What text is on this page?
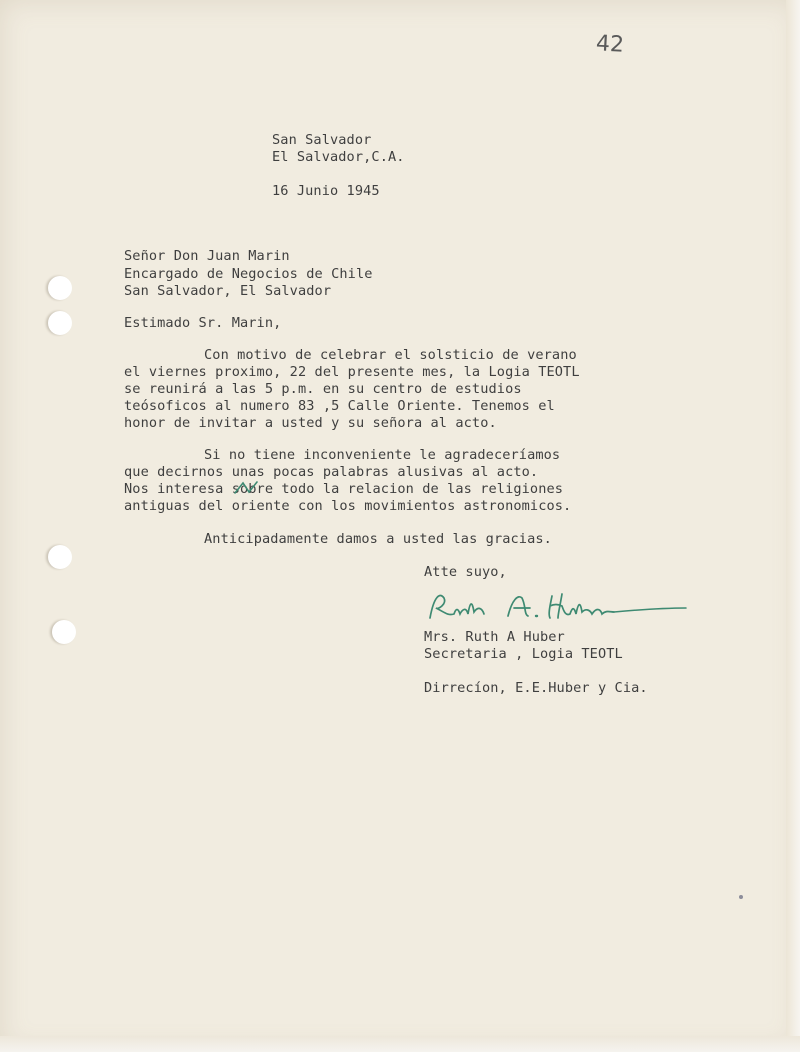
42
San Salvador
El Salvador,C.A.
16 Junio 1945
Señor Don Juan Marin
Encargado de Negocios de Chile
San Salvador, El Salvador
Estimado Sr. Marin,
Con motivo de celebrar el solsticio de verano
el viernes proximo, 22 del presente mes, la Logia TEOTL
se reunirá a las 5 p.m. en su centro de estudios
teósoficos al numero 83 ,5 Calle Oriente. Tenemos el
honor de invitar a usted y su señora al acto.
Si no tiene inconveniente le agradeceríamos
que decirnos unas pocas palabras alusivas al acto.
Nos interesa sobre todo la relacion de las religiones
antiguas del oriente con los movimientos astronomicos.
Anticipadamente damos a usted las gracias.
Atte suyo,
Ruth A. Huber
Mrs. Ruth A Huber
Secretaria , Logia TEOTL
Dirrecíon, E.E.Huber y Cia.
